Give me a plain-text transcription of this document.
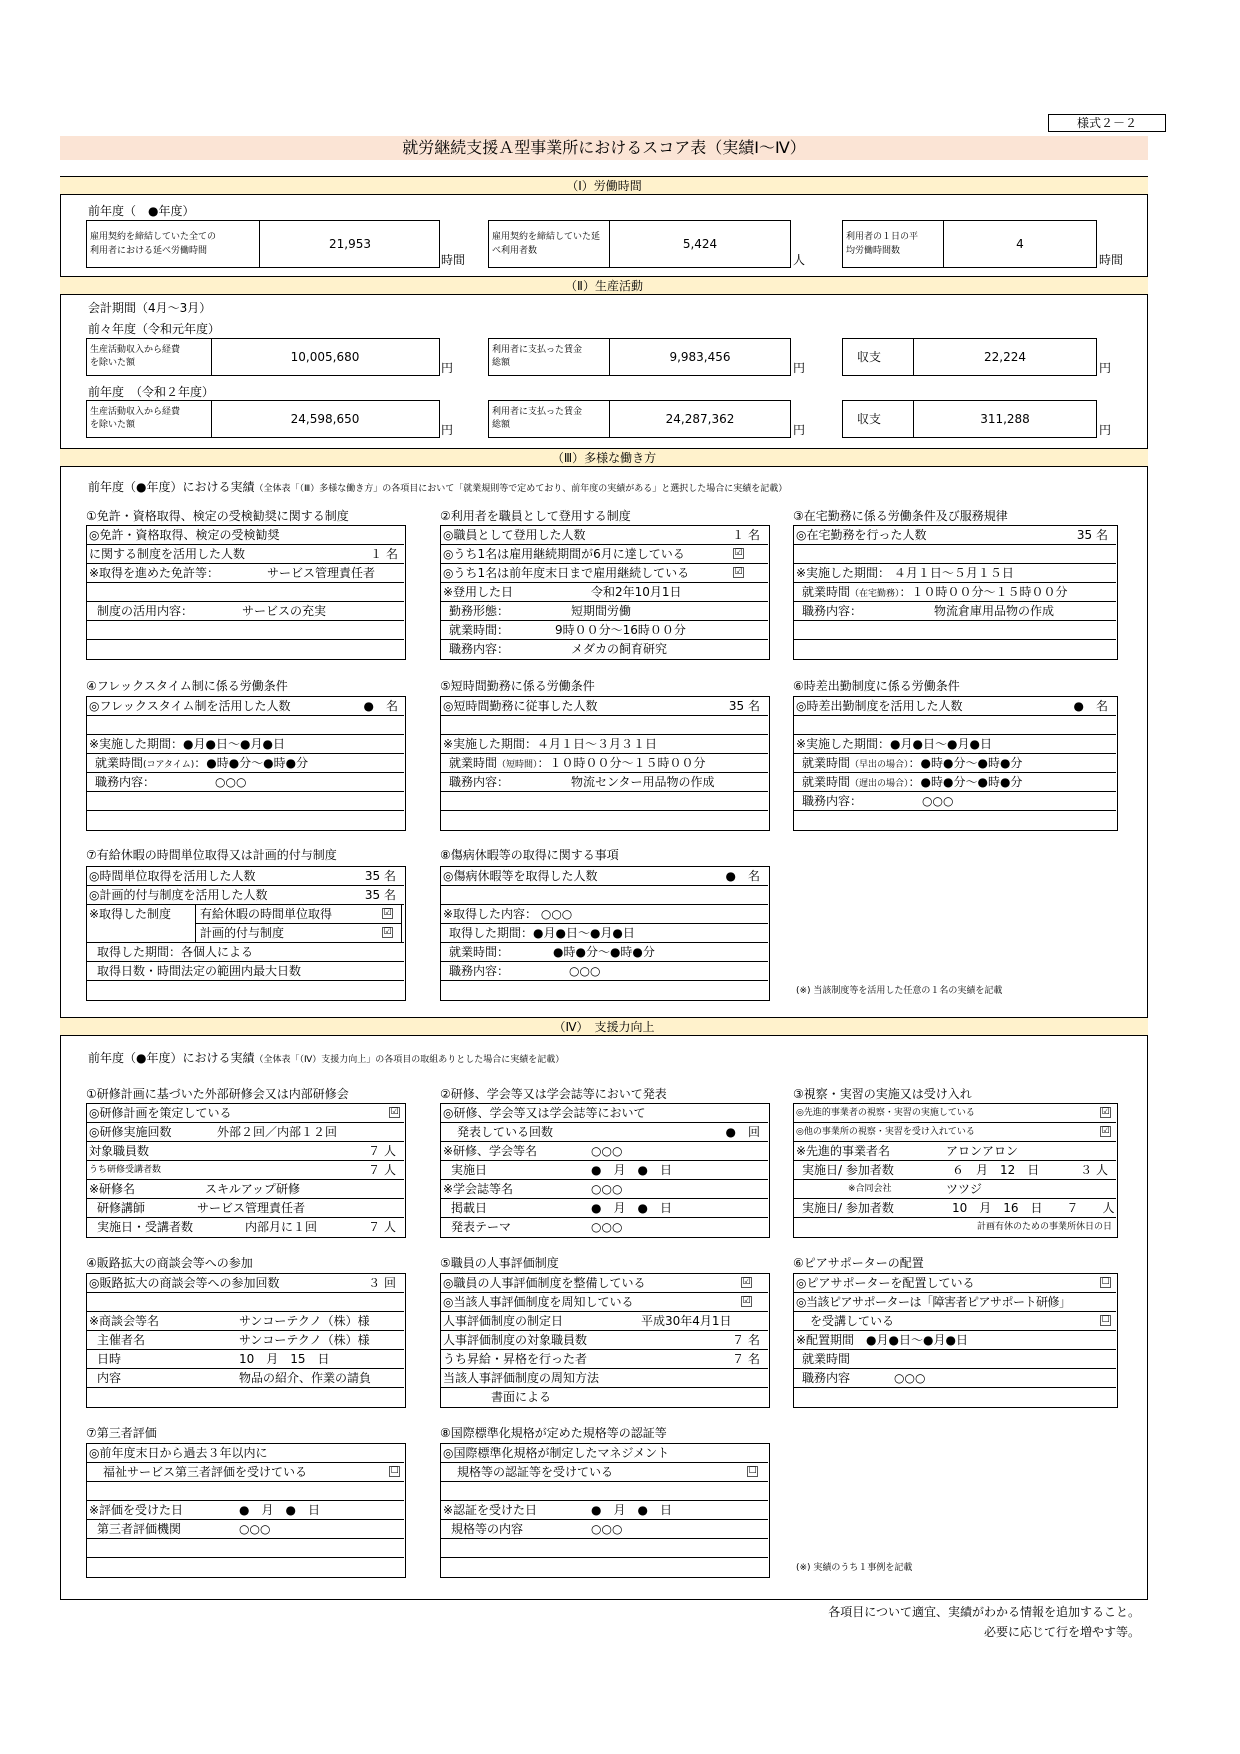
様式２－２
就労継続支援Ａ型事業所におけるスコア表（実績Ⅰ～Ⅳ）
（Ⅰ）労働時間
前年度（　●年度）
雇用契約を締結していた全ての
利用者における延べ労働時間	21,953
時間
雇用契約を締結していた延
べ利用者数	5,424
人
利用者の１日の平
均労働時間数	4
時間
（Ⅱ）生産活動
会計期間（4月～3月）
前々年度（令和元年度）
生産活動収入から経費
を除いた額	10,005,680
円
利用者に支払った賃金
総額	9,983,456
円
収支	22,224
円
前年度　（令和２年度）
生産活動収入から経費
を除いた額	24,598,650
円
利用者に支払った賃金
総額	24,287,362
円
収支	311,288
円
（Ⅲ）多様な働き方
前年度（●年度）における実績（全体表「（Ⅲ）多様な働き方」の各項目において「就業規則等で定めており、前年度の実績がある」と選択した場合に実績を記載）
①免許・資格取得、検定の受検勧奨に関する制度
◎免許・資格取得、検定の受検勧奨
に関する制度を活用した人数	１ 名
※取得を進めた免許等：	サービス管理責任者
制度の活用内容：	サービスの充実
②利用者を職員として登用する制度
◎職員として登用した人数	１ 名
◎うち1名は雇用継続期間が6月に達している	☑
◎うち1名は前年度末日まで雇用継続している	☑
※登用した日	令和2年10月1日
勤務形態：	短期間労働
就業時間：	9時００分～16時００分
職務内容：	メダカの飼育研究
③在宅勤務に係る労働条件及び服務規律
◎在宅勤務を行った人数	35 名
※実施した期間： ４月１日～５月１５日
就業時間（在宅勤務）：１０時００分～１５時００分
職務内容：	物流倉庫用品物の作成
④フレックスタイム制に係る労働条件
◎フレックスタイム制を活用した人数	●　名
※実施した期間：●月●日～●月●日
就業時間(コアタイム)：●時●分～●時●分
職務内容：	○○○
⑤短時間勤務に係る労働条件
◎短時間勤務に従事した人数	35 名
※実施した期間：４月１日～３月３１日
就業時間（短時間）：１０時００分～１５時００分
職務内容：	物流センター用品物の作成
⑥時差出勤制度に係る労働条件
◎時差出勤制度を活用した人数	●　名
※実施した期間：●月●日～●月●日
就業時間（早出の場合）：●時●分～●時●分
就業時間（遅出の場合）：●時●分～●時●分
職務内容：	○○○
⑦有給休暇の時間単位取得又は計画的付与制度
◎時間単位取得を活用した人数	35 名
◎計画的付与制度を活用した人数	35 名
※取得した制度 有給休暇の時間単位取得	☑
計画的付与制度	☑
取得した期間：各個人による
取得日数・時間法定の範囲内最大日数
⑧傷病休暇等の取得に関する事項
◎傷病休暇等を取得した人数	●　名
※取得した内容： ○○○
取得した期間：●月●日～●月●日
就業時間：	●時●分～●時●分
職務内容：	○○○
(※) 当該制度等を活用した任意の１名の実績を記載
（Ⅳ）　支援力向上
前年度（●年度）における実績（全体表「（Ⅳ）支援力向上」の各項目の取組ありとした場合に実績を記載）
①研修計画に基づいた外部研修会又は内部研修会
◎研修計画を策定している	☑
◎研修実施回数	外部２回／内部１２回
対象職員数	７ 人
うち研修受講者数	７ 人
※研修名	スキルアップ研修
研修講師	サービス管理責任者
実施日・受講者数	内部月に１回	７ 人
②研修、学会等又は学会誌等において発表
◎研修、学会等又は学会誌等において
発表している回数	●　回
※研修、学会等名	○○○
実施日	●　月　●　日
※学会誌等名	○○○
掲載日	●　月　●　日
発表テーマ	○○○
③視察・実習の実施又は受け入れ
◎先進的事業者の視察・実習の実施している	☑
◎他の事業所の視察・実習を受け入れている	☑
※先進的事業者名	アロンアロン
実施日/ 参加者数	６　月　12　日	３ 人
※合同会社	ツツジ
実施日/ 参加者数	10　月　16　日　　７　　人
計画有休のための事業所休日の日
④販路拡大の商談会等への参加
◎販路拡大の商談会等への参加回数	３ 回
※商談会等名	サンコーテクノ（株）様
主催者名	サンコーテクノ（株）様
日時	10　月　15　日
内容	物品の紹介、作業の請負
⑤職員の人事評価制度
◎職員の人事評価制度を整備している	☑
◎当該人事評価制度を周知している	☑
人事評価制度の制定日	平成30年4月1日
人事評価制度の対象職員数	７ 名
うち昇給・昇格を行った者	７ 名
当該人事評価制度の周知方法
書面による
⑥ピアサポーターの配置
◎ピアサポーターを配置している	☐
◎当該ピアサポーターは「障害者ピアサポート研修」
を受講している	☐
※配置期間　●月●日～●月●日
就業時間
職務内容	○○○
⑦第三者評価
◎前年度末日から過去３年以内に
福祉サービス第三者評価を受けている	☐
※評価を受けた日	●　月　●　日
第三者評価機関	○○○
⑧国際標準化規格が定めた規格等の認証等
◎国際標準化規格が制定したマネジメント
規格等の認証等を受けている	☐
※認証を受けた日	●　月　●　日
規格等の内容	○○○
(※) 実績のうち１事例を記載
各項目について適宜、実績がわかる情報を追加すること。
必要に応じて行を増やす等。
